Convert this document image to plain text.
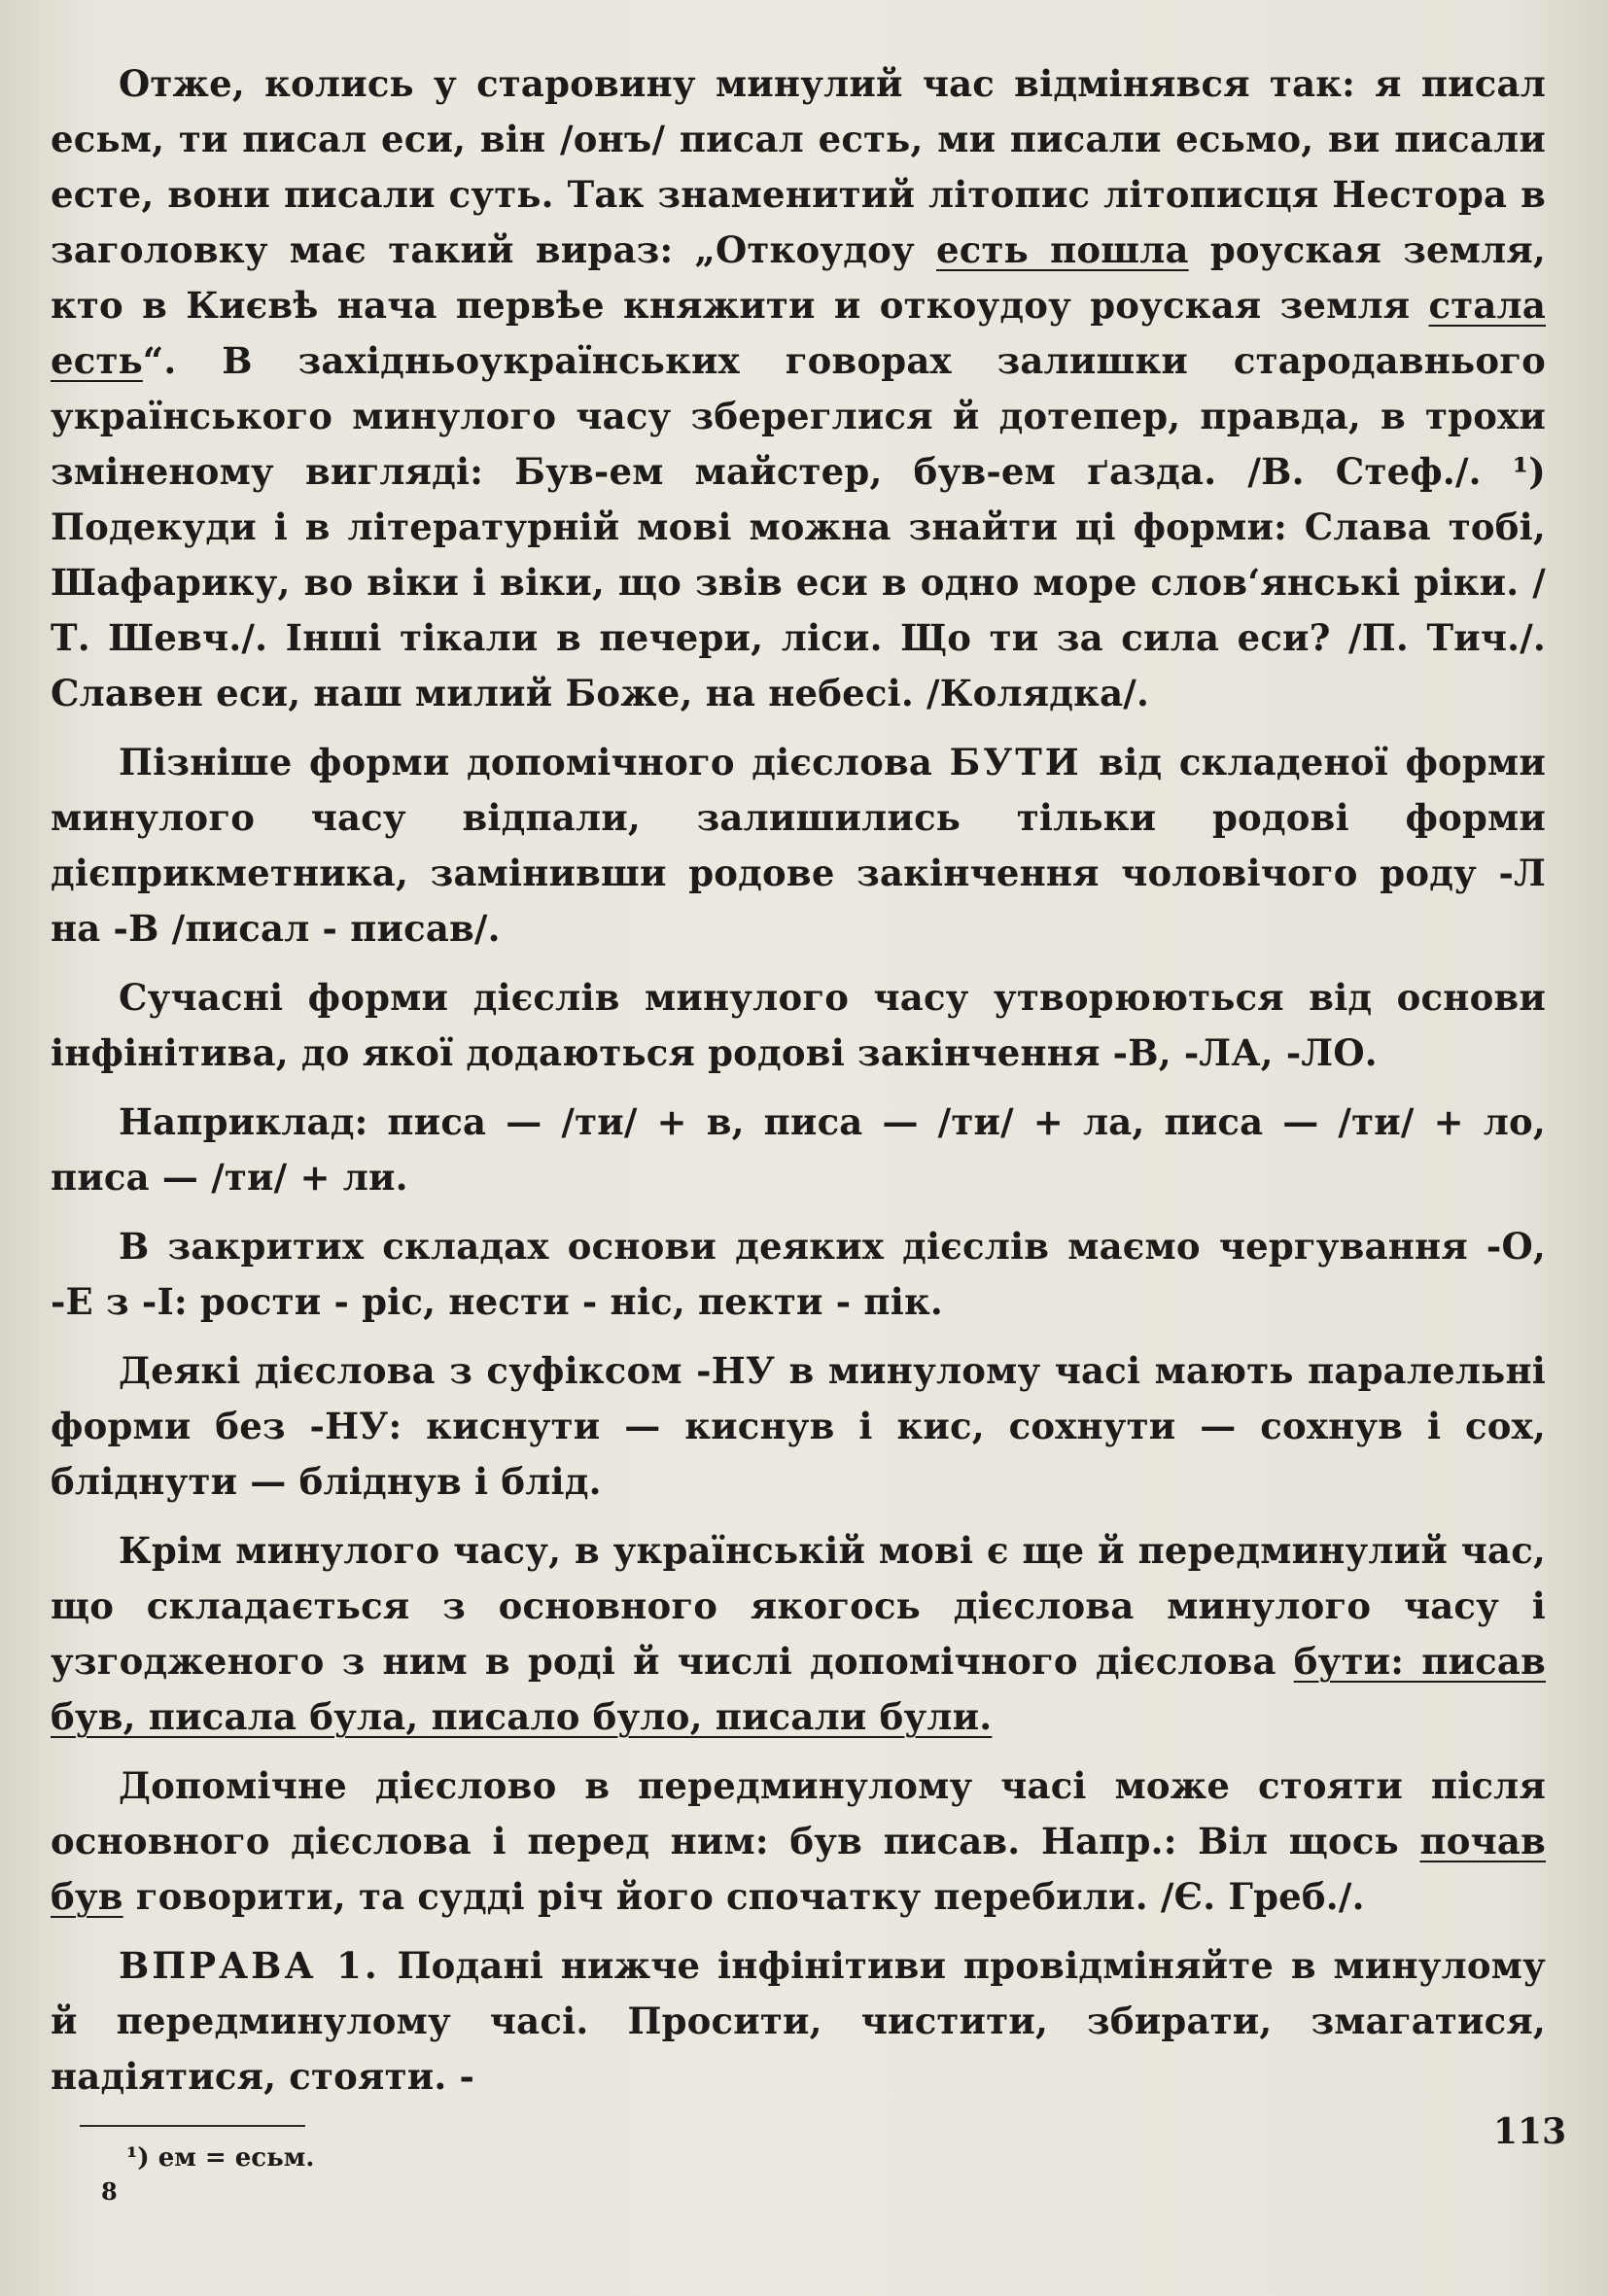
Отже, колись у старовину минулий час відмінявся так: я писал есьм, ти писал еси, він /онъ/ писал есть, ми писали есьмо, ви писали есте, вони писали суть. Так знаменитий літопис літописця Нестора в заголовку має такий вираз: „Откоудоу есть пошла роуская земля, кто в Києвѣ нача первѣе княжити и откоудоу роуская земля стала есть“. В західньоукраїнських говорах залишки стародавнього українського минулого часу збереглися й дотепер, правда, в трохи зміненому вигляді: Був-ем майстер, був-ем ґазда. /В. Стеф./. ¹) Подекуди і в літературній мові можна знайти ці форми: Слава тобі, Шафарику, во віки і віки, що звів еси в одно море слов‘янські ріки. /Т. Шевч./. Інші тікали в печери, ліси. Що ти за сила еси? /П. Тич./. Славен еси, наш милий Боже, на небесі. /Колядка/.

Пізніше форми допомічного дієслова БУТИ від складеної форми минулого часу відпали, залишились тільки родові форми дієприкметника, замінивши родове закінчення чоловічого роду -Л на -В /писал - писав/.

Сучасні форми дієслів минулого часу утворюються від основи інфінітива, до якої додаються родові закінчення -В, -ЛА, -ЛО.

Наприклад: писа — /ти/ + в, писа — /ти/ + ла, писа — /ти/ + ло, писа — /ти/ + ли.

В закритих складах основи деяких дієслів маємо чергування -О, -Е з -І: рости - ріс, нести - ніс, пекти - пік.

Деякі дієслова з суфіксом -НУ в минулому часі мають паралельні форми без -НУ: киснути — киснув і кис, сохнути — сохнув і сох, бліднути — бліднув і блід.

Крім минулого часу, в українській мові є ще й передминулий час, що складається з основного якогось дієслова минулого часу і узгодженого з ним в роді й числі допомічного дієслова бути: писав був, писала була, писало було, писали були.

Допомічне дієслово в передминулому часі може стояти після основного дієслова і перед ним: був писав. Напр.: Віл щось почав був говорити, та судді річ його спочатку перебили. /Є. Греб./.

ВПРАВА 1. Подані нижче інфінітиви провідміняйте в минулому й передминулому часі. Просити, чистити, збирати, змагатися, надіятися, стояти. -

¹) ем = есьм.
113
8
